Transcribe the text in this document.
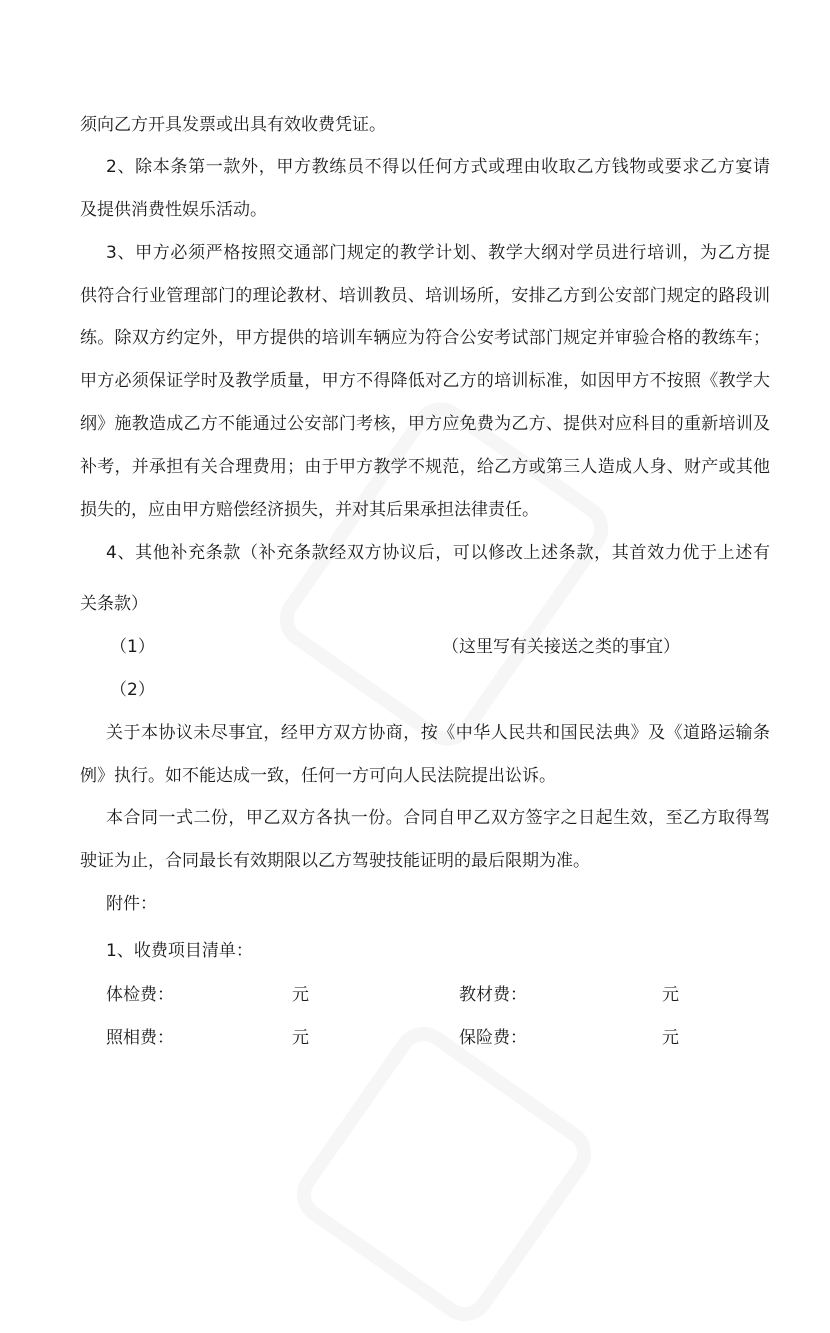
须向乙方开具发票或出具有效收费凭证。
2、除本条第一款外，甲方教练员不得以任何方式或理由收取乙方钱物或要求乙方宴请
及提供消费性娱乐活动。
3、甲方必须严格按照交通部门规定的教学计划、教学大纲对学员进行培训，为乙方提
供符合行业管理部门的理论教材、培训教员、培训场所，安排乙方到公安部门规定的路段训
练。除双方约定外，甲方提供的培训车辆应为符合公安考试部门规定并审验合格的教练车；
甲方必须保证学时及教学质量，甲方不得降低对乙方的培训标准，如因甲方不按照《教学大
纲》施教造成乙方不能通过公安部门考核，甲方应免费为乙方、提供对应科目的重新培训及
补考，并承担有关合理费用；由于甲方教学不规范，给乙方或第三人造成人身、财产或其他
损失的，应由甲方赔偿经济损失，并对其后果承担法律责任。
4、其他补充条款（补充条款经双方协议后，可以修改上述条款，其首效力优于上述有
关条款）
（1）	（这里写有关接送之类的事宜）
（2）
关于本协议未尽事宜，经甲方双方协商，按《中华人民共和国民法典》及《道路运输条
例》执行。如不能达成一致，任何一方可向人民法院提出讼诉。
本合同一式二份，甲乙双方各执一份。合同自甲乙双方签字之日起生效，至乙方取得驾
驶证为止，合同最长有效期限以乙方驾驶技能证明的最后限期为准。
附件：
1、收费项目清单：
体检费：	元	教材费：	元
照相费：	元	保险费：	元
